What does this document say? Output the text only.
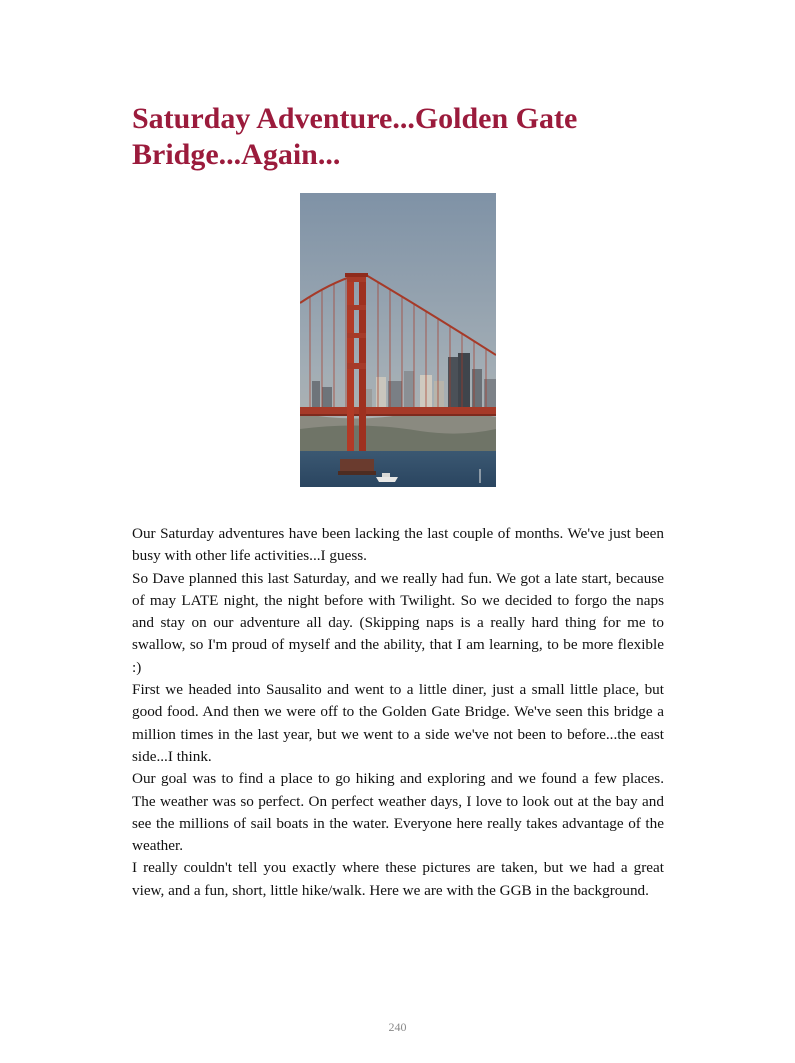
Saturday Adventure...Golden Gate Bridge...Again...

Our Saturday adventures have been lacking the last couple of months. We've just been busy with other life activities...I guess.

So Dave planned this last Saturday, and we really had fun. We got a late start, because of may LATE night, the night before with Twilight. So we decided to forgo the naps and stay on our adventure all day. (Skipping naps is a really hard thing for me to swallow, so I'm proud of myself and the ability, that I am learning, to be more flexible :)

First we headed into Sausalito and went to a little diner, just a small little place, but good food. And then we were off to the Golden Gate Bridge. We've seen this bridge a million times in the last year, but we went to a side we've not been to before...the east side...I think.

Our goal was to find a place to go hiking and exploring and we found a few places. The weather was so perfect. On perfect weather days, I love to look out at the bay and see the millions of sail boats in the water. Everyone here really takes advantage of the weather.

I really couldn't tell you exactly where these pictures are taken, but we had a great view, and a fun, short, little hike/walk. Here we are with the GGB in the background.

240
